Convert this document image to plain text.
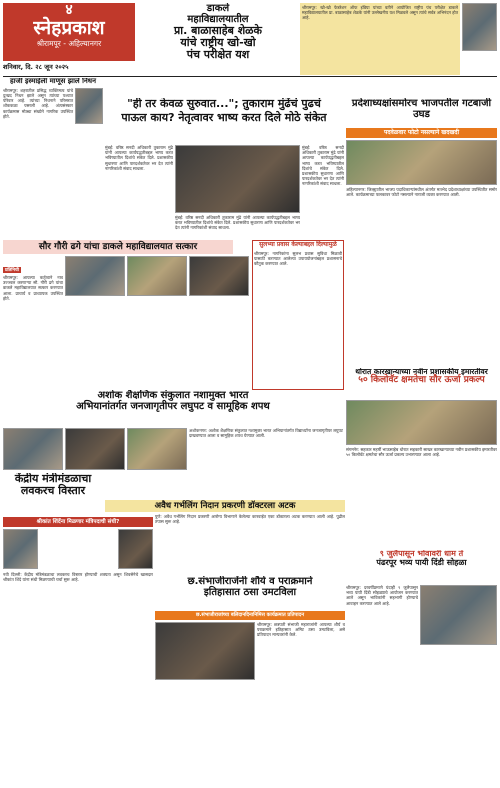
४
स्नेहप्रकाश
श्रीरामपूर - अहिल्यानगर
शनिवार, दि. २८ जून २०२५
डाकले
महाविद्यालयातील
प्रा. बाळासाहेब शेळके
यांचे राष्ट्रीय खो-खो
पंच परीक्षेत यश
श्रीरामपूर: खो-खो फेडरेशन ऑफ इंडिया यांच्या वतीने आयोजित राष्ट्रीय पंच परीक्षेत डाकले महाविद्यालयातील प्रा. बाळासाहेब शेळके यांनी उल्लेखनीय यश मिळवले असून त्यांचे सर्वत्र अभिनंदन होत आहे.
हाजी इस्माईली माणूस झाले निधन
श्रीरामपूर: शहरातील प्रसिद्ध व्यक्तिमत्व यांचे दुःखद निधन झाले असून त्यांच्या पश्चात परिवार आहे. त्यांच्या निधनाने परिसरात शोककळा पसरली आहे. अंत्यसंस्कार कार्यक्रमास मोठ्या संख्येने नागरिक उपस्थित होते.
"ही तर केवळ सुरुवात..."; तुकाराम मुंढेंचं पुढचं
पाऊल काय? नेतृत्वावर भाष्य करत दिले मोठे संकेत
मुंबई: वरिष्ठ सनदी अधिकारी तुकाराम मुंढे यांनी आपल्या कार्यपद्धतीबद्दल भाष्य करत भविष्यातील दिशांचे संकेत दिले. प्रशासकीय सुधारणा आणि पारदर्शकतेवर भर देत त्यांनी नागरिकांशी संवाद साधला.
मुंबई: वरिष्ठ सनदी अधिकारी तुकाराम मुंढे यांनी आपल्या कार्यपद्धतीबद्दल भाष्य करत भविष्यातील दिशांचे संकेत दिले. प्रशासकीय सुधारणा आणि पारदर्शकतेवर भर देत त्यांनी नागरिकांशी संवाद साधला.
मुंबई: वरिष्ठ सनदी अधिकारी तुकाराम मुंढे यांनी आपल्या कार्यपद्धतीबद्दल भाष्य करत भविष्यातील दिशांचे संकेत दिले. प्रशासकीय सुधारणा आणि पारदर्शकतेवर भर देत त्यांनी नागरिकांशी संवाद साधला.
प्रदेशाध्यक्षांसमोरच भाजपतील गटबाजी उघड
पदवेळवार फोटो नसल्याने खदखदी
अहिल्यानगर: जिल्ह्यातील भाजप पदाधिकाऱ्यांमधील अंतर्गत मतभेद प्रदेशाध्यक्षांच्या उपस्थितीत समोर आले. कार्यक्रमाच्या फलकावर फोटो नसल्याने नाराजी व्यक्त करण्यात आली.
सौर गौरी ढगे यांचा डाकले महाविद्यालयात सत्कार
प्रतिनिधी
श्रीरामपूर: आपल्या कर्तृत्वाने नाव उज्ज्वल करणाऱ्या सौ. गौरी ढगे यांचा डाकले महाविद्यालयात सत्कार करण्यात आला. प्राचार्य व प्राध्यापक उपस्थित होते.
सुलभ्या प्रवास केल्याबद्दल दिल्यामुळे
श्रीरामपूर: नागरिकांना सुलभ प्रवास सुविधा मिळावी यासाठी करण्यात आलेल्या उपाययोजनांबद्दल प्रशासनाचे कौतुक करण्यात आले.
अशोक शैक्षणिक संकुलात नशामुक्त भारत
अभियानांतर्गत जनजागृतीपर लघुपट व सामूहिक शपथ
अशोकनगर: अशोक शैक्षणिक संकुलात नशामुक्त भारत अभियानांतर्गत विद्यार्थ्यांना जनजागृतीपर लघुपट दाखवण्यात आला व सामूहिक शपथ घेण्यात आली.
थोरात कारखान्याच्या नवीन प्रशासकीय इमारतीवर
५० किलोवॅट क्षमतेचा सौर ऊर्जा प्रकल्प
संगमनेर: सहकार महर्षी भाऊसाहेब थोरात सहकारी साखर कारखान्याच्या नवीन प्रशासकीय इमारतीवर ५० किलोवॅट क्षमतेचा सौर ऊर्जा प्रकल्प उभारण्यात आला आहे.
केंद्रीय मंत्रीमंडळाचा
लवकरच विस्तार
श्रीकांत शिंदेंना मिळणार मंत्रिपदाची संधी?
नवी दिल्ली: केंद्रीय मंत्रिमंडळाचा लवकरच विस्तार होण्याची शक्यता असून शिवसेनेचे खासदार श्रीकांत शिंदे यांना संधी मिळण्याची चर्चा सुरू आहे.
अवैध गर्भलिंग निदान प्रकरणी डॉक्टरला अटक
पुणे: अवैध गर्भलिंग निदान प्रकरणी आरोग्य विभागाने केलेल्या कारवाईत एका डॉक्टरला अटक करण्यात आली आहे. पुढील तपास सुरू आहे.
छ.संभाजीराजेंनी शौर्य व पराक्रमाने
इतिहासात ठसा उमटविला
छ.संभाजीराजांच्या बलिदानदिनानिमित्त कार्यक्रमात प्रतिपादन
श्रीरामपूर: छत्रपती संभाजी महाराजांनी आपल्या शौर्य व पराक्रमाने इतिहासात अमिट ठसा उमटविला, असे प्रतिपादन मान्यवरांनी केले.
९ जुलैपासून भोवावरी धाम ते
पंढरपूर भव्य पायी दिंडी सोहळा
श्रीरामपूर: दरवर्षीप्रमाणे यंदाही ९ जुलैपासून भव्य पायी दिंडी सोहळ्याचे आयोजन करण्यात आले असून भाविकांनी सहभागी होण्याचे आवाहन करण्यात आले आहे.
